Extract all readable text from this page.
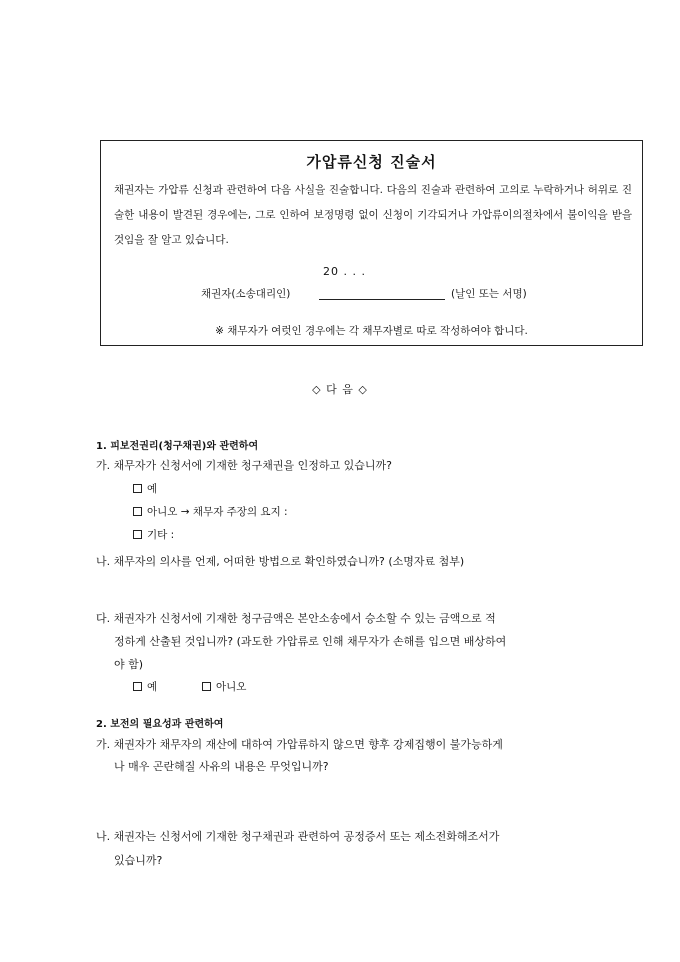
가압류신청 진술서
채권자는 가압류 신청과 관련하여 다음 사실을 진술합니다. 다음의 진술과 관련하여 고의로 누락하거나 허위로 진술한 내용이 발견된 경우에는, 그로 인하여 보정명령 없이 신청이 기각되거나 가압류이의절차에서 불이익을 받을 것임을 잘 알고 있습니다.
20 . . .
채권자(소송대리인)	(날인 또는 서명)
※ 채무자가 여럿인 경우에는 각 채무자별로 따로 작성하여야 합니다.
◇ 다 음 ◇
1. 피보전권리(청구채권)와 관련하여
가. 채무자가 신청서에 기재한 청구채권을 인정하고 있습니까?
예
아니오 → 채무자 주장의 요지 :
기타 :
나. 채무자의 의사를 언제, 어떠한 방법으로 확인하였습니까? (소명자료 첨부)
다. 채권자가 신청서에 기재한 청구금액은 본안소송에서 승소할 수 있는 금액으로 적
정하게 산출된 것입니까? (과도한 가압류로 인해 채무자가 손해를 입으면 배상하여
야 함)
예	아니오
2. 보전의 필요성과 관련하여
가. 채권자가 채무자의 재산에 대하여 가압류하지 않으면 향후 강제집행이 불가능하게
나 매우 곤란해질 사유의 내용은 무엇입니까?
나. 채권자는 신청서에 기재한 청구채권과 관련하여 공정증서 또는 제소전화해조서가
있습니까?
